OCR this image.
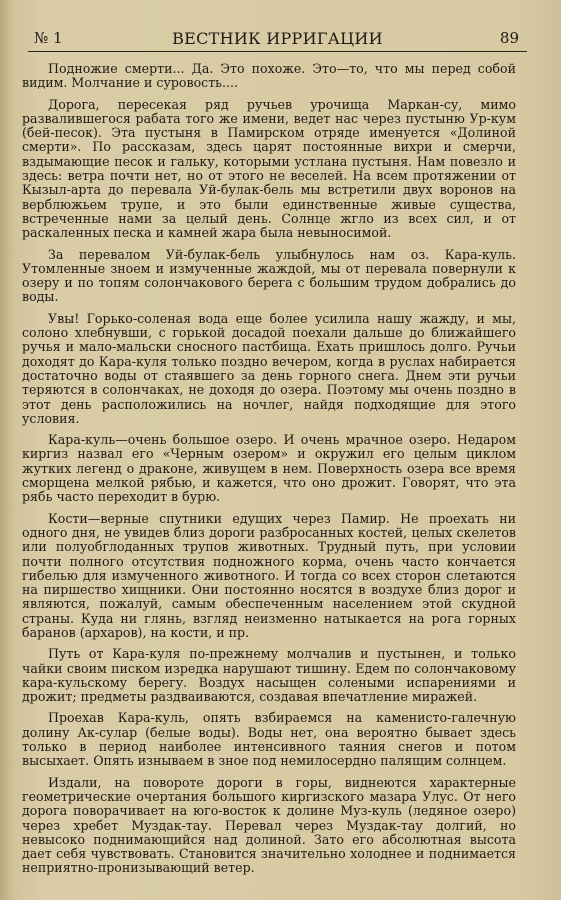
№ 1	ВЕСТНИК ИРРИГАЦИИ	89

Подножие смерти... Да. Это похоже. Это—то, что мы перед собой видим. Молчание и суровость....

Дорога, пересекая ряд ручьев урочища Маркан-су, мимо развалившегося рабата того же имени, ведет нас через пустыню Ур-кум (бей-песок). Эта пустыня в Памирском отряде именуется «Долиной смерти». По рассказам, здесь царят постоянные вихри и смерчи, вздымающие песок и гальку, которыми устлана пустыня. Нам повезло и здесь: ветра почти нет, но от этого не веселей. На всем протяжении от Кызыл-арта до перевала Уй-булак-бель мы встретили двух воронов на верблюжьем трупе, и это были единственные живые существа, встреченные нами за целый день. Солнце жгло из всех сил, и от раскаленных песка и камней жара была невыносимой.

За перевалом Уй-булак-бель улыбнулось нам оз. Кара-куль. Утомленные зноем и измученные жаждой, мы от перевала повернули к озеру и по топям солончакового берега с большим трудом добрались до воды.

Увы! Горько-соленая вода еще более усилила нашу жажду, и мы, солоно хлебнувши, с горькой досадой поехали дальше до ближайшего ручья и мало-мальски сносного пастбища. Ехать пришлось долго. Ручьи доходят до Кара-куля только поздно вечером, когда в руслах набирается достаточно воды от стаявшего за день горного снега. Днем эти ручьи теряются в солончаках, не доходя до озера. Поэтому мы очень поздно в этот день расположились на ночлег, найдя подходящие для этого условия.

Кара-куль—очень большое озеро. И очень мрачное озеро. Недаром киргиз назвал его «Черным озером» и окружил его целым циклом жутких легенд о драконе, живущем в нем. Поверхность озера все время сморщена мелкой рябью, и кажется, что оно дрожит. Говорят, что эта рябь часто переходит в бурю.

Кости—верные спутники едущих через Памир. Не проехать ни одного дня, не увидев близ дороги разбросанных костей, целых скелетов или полуобглоданных трупов животных. Трудный путь, при условии почти полного отсутствия подножного корма, очень часто кончается гибелью для измученного животного. И тогда со всех сторон слетаются на пиршество хищники. Они постоянно носятся в воздухе близ дорог и являются, пожалуй, самым обеспеченным населением этой скудной страны. Куда ни глянь, взгляд неизменно натыкается на рога горных баранов (архаров), на кости, и пр.

Путь от Кара-куля по-прежнему молчалив и пустынен, и только чайки своим писком изредка нарушают тишину. Едем по солончаковому кара-кульскому берегу. Воздух насыщен солеными испарениями и дрожит; предметы раздваиваются, создавая впечатление миражей.

Проехав Кара-куль, опять взбираемся на каменисто-галечную долину Ак-сулар (белые воды). Воды нет, она вероятно бывает здесь только в период наиболее интенсивного таяния снегов и потом высыхает. Опять изнываем в зное под немилосердно палящим солнцем.

Издали, на повороте дороги в горы, виднеются характерные геометрические очертания большого киргизского мазара Улус. От него дорога поворачивает на юго-восток к долине Муз-куль (ледяное озеро) через хребет Муздак-тау. Перевал через Муздак-тау долгий, но невысоко поднимающийся над долиной. Зато его абсолютная высота дает себя чувствовать. Становится значительно холоднее и поднимается неприятно-пронизывающий ветер.
